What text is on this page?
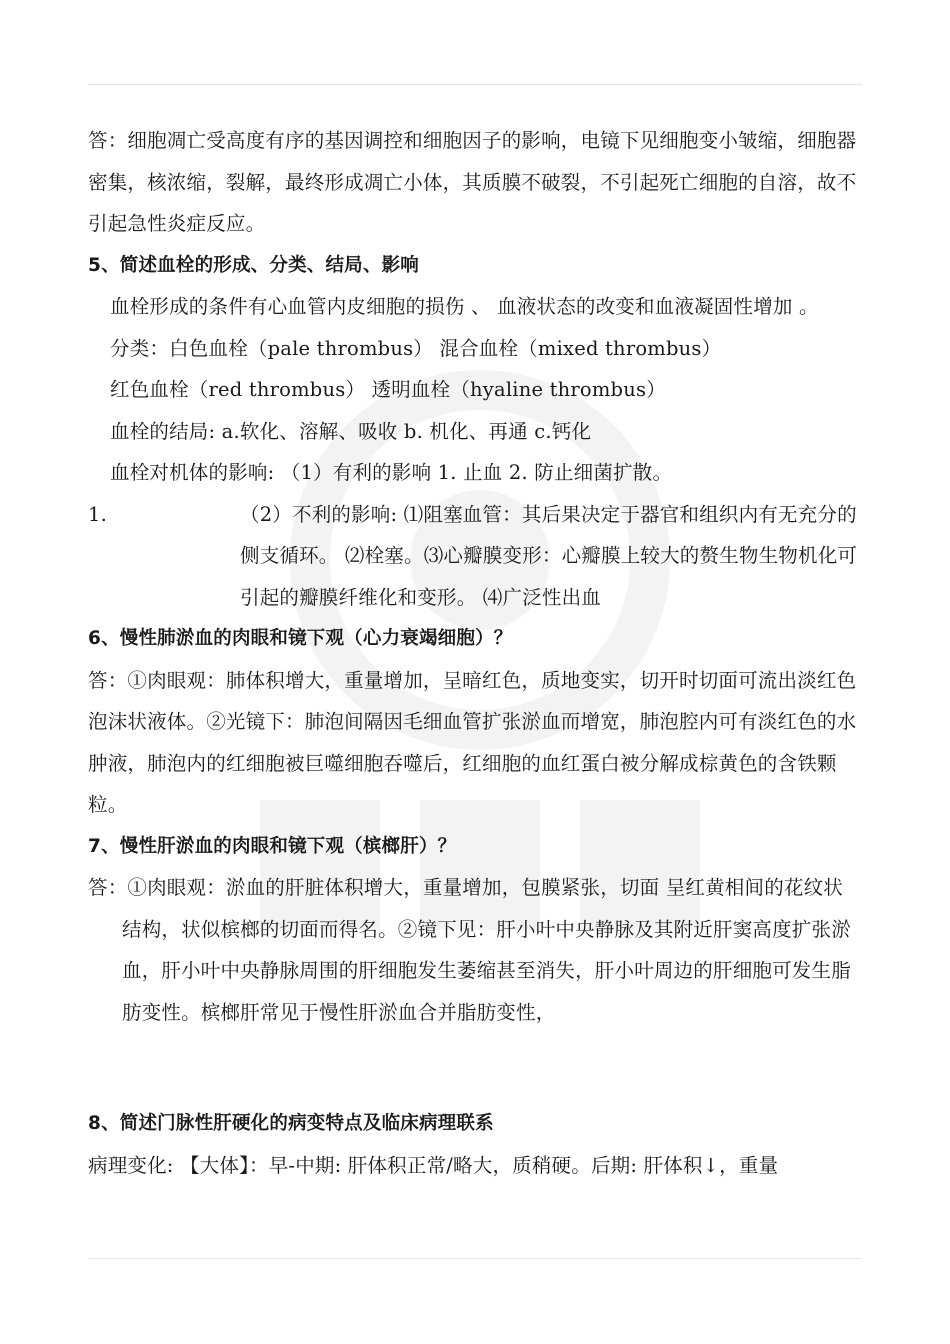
答：细胞凋亡受高度有序的基因调控和细胞因子的影响，电镜下见细胞变小皱缩，细胞器密集，核浓缩，裂解，最终形成凋亡小体，其质膜不破裂，不引起死亡细胞的自溶，故不引起急性炎症反应。

5、简述血栓的形成、分类、结局、影响

血栓形成的条件有心血管内皮细胞的损伤 、 血液状态的改变和血液凝固性增加 。

分类：白色血栓（pale thrombus） 混合血栓（mixed thrombus）

红色血栓（red thrombus） 透明血栓（hyaline thrombus）

血栓的结局: a.软化、溶解、吸收 b. 机化、再通 c.钙化

血栓对机体的影响: （1）有利的影响 1. 止血 2. 防止细菌扩散。

1.	（2）不利的影响: ⑴阻塞血管：其后果决定于器官和组织内有无充分的侧支循环。 ⑵栓塞。⑶心瓣膜变形：心瓣膜上较大的赘生物生物机化可引起的瓣膜纤维化和变形。 ⑷广泛性出血

6、慢性肺淤血的肉眼和镜下观（心力衰竭细胞）？

答：①肉眼观：肺体积增大，重量增加，呈暗红色，质地变实，切开时切面可流出淡红色泡沫状液体。②光镜下：肺泡间隔因毛细血管扩张淤血而增宽，肺泡腔内可有淡红色的水肿液，肺泡内的红细胞被巨噬细胞吞噬后，红细胞的血红蛋白被分解成棕黄色的含铁颗粒。

7、慢性肝淤血的肉眼和镜下观（槟榔肝）？

答：①肉眼观：淤血的肝脏体积增大，重量增加，包膜紧张，切面 呈红黄相间的花纹状结构，状似槟榔的切面而得名。②镜下见：肝小叶中央静脉及其附近肝窦高度扩张淤血，肝小叶中央静脉周围的肝细胞发生萎缩甚至消失，肝小叶周边的肝细胞可发生脂肪变性。槟榔肝常见于慢性肝淤血合并脂肪变性，

8、简述门脉性肝硬化的病变特点及临床病理联系

病理变化: 【大体】：早-中期: 肝体积正常/略大，质稍硬。后期: 肝体积↓，重量
